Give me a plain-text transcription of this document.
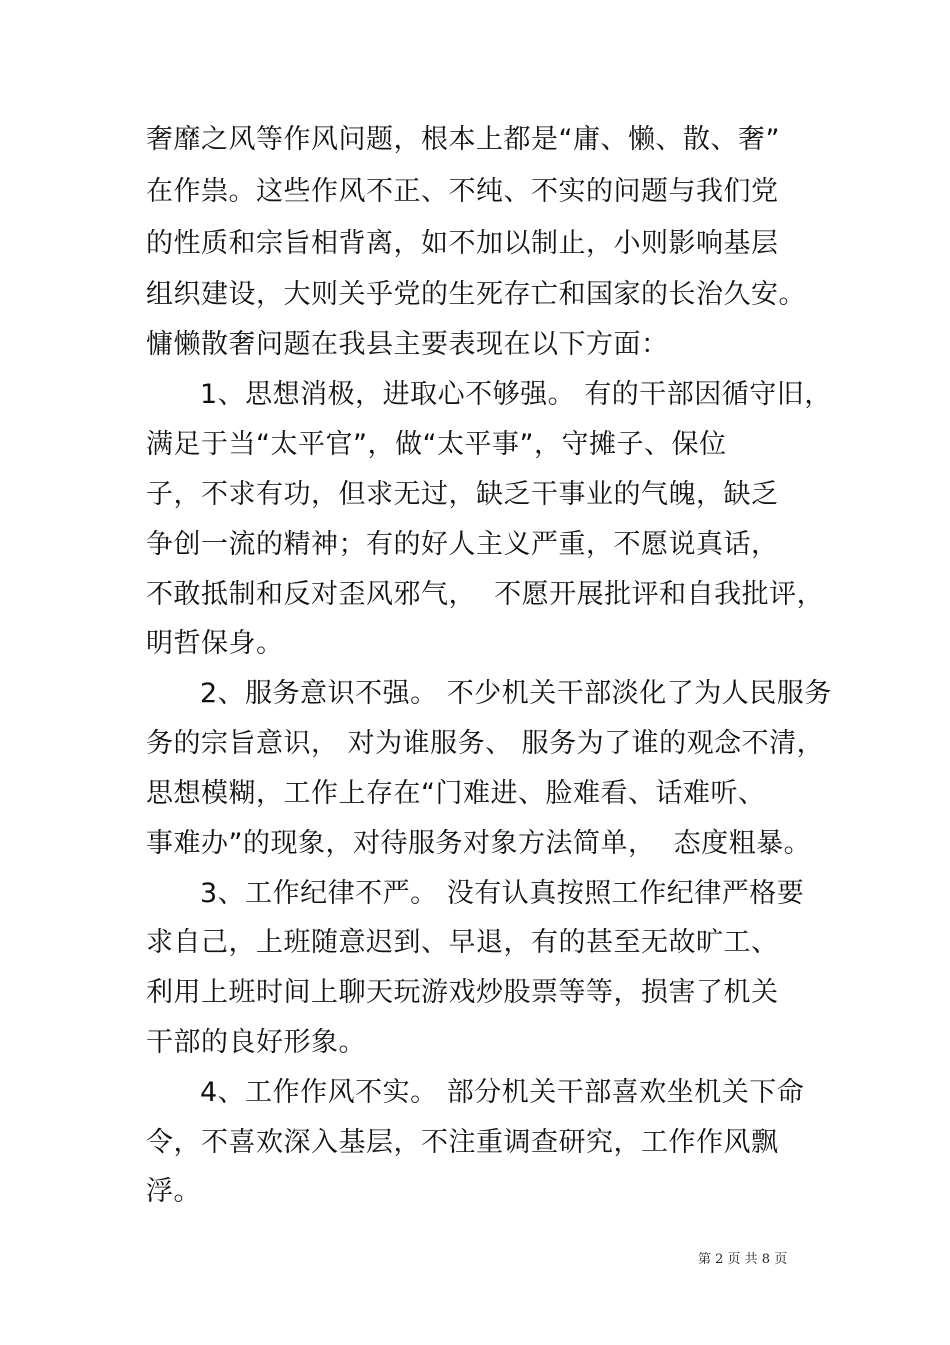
奢靡之风等作风问题，根本上都是“庸、懒、散、奢”
在作祟。这些作风不正、不纯、不实的问题与我们党
的性质和宗旨相背离，如不加以制止，小则影响基层
组织建设，大则关乎党的生死存亡和国家的长治久安。
慵懒散奢问题在我县主要表现在以下方面：
1、思想消极，进取心不够强。 有的干部因循守旧，
满足于当“太平官”，做“太平事”，守摊子、保位
子，不求有功，但求无过，缺乏干事业的气魄，缺乏
争创一流的精神；有的好人主义严重，不愿说真话，
不敢抵制和反对歪风邪气，  不愿开展批评和自我批评，
明哲保身。
2、服务意识不强。 不少机关干部淡化了为人民服务
务的宗旨意识， 对为谁服务、 服务为了谁的观念不清，
思想模糊，工作上存在“门难进、脸难看、话难听、
事难办”的现象，对待服务对象方法简单，  态度粗暴。
3、工作纪律不严。 没有认真按照工作纪律严格要
求自己，上班随意迟到、早退，有的甚至无故旷工、
利用上班时间上聊天玩游戏炒股票等等，损害了机关
干部的良好形象。
4、工作作风不实。 部分机关干部喜欢坐机关下命
令，不喜欢深入基层，不注重调查研究，工作作风飘
浮。
第 2 页 共 8 页
